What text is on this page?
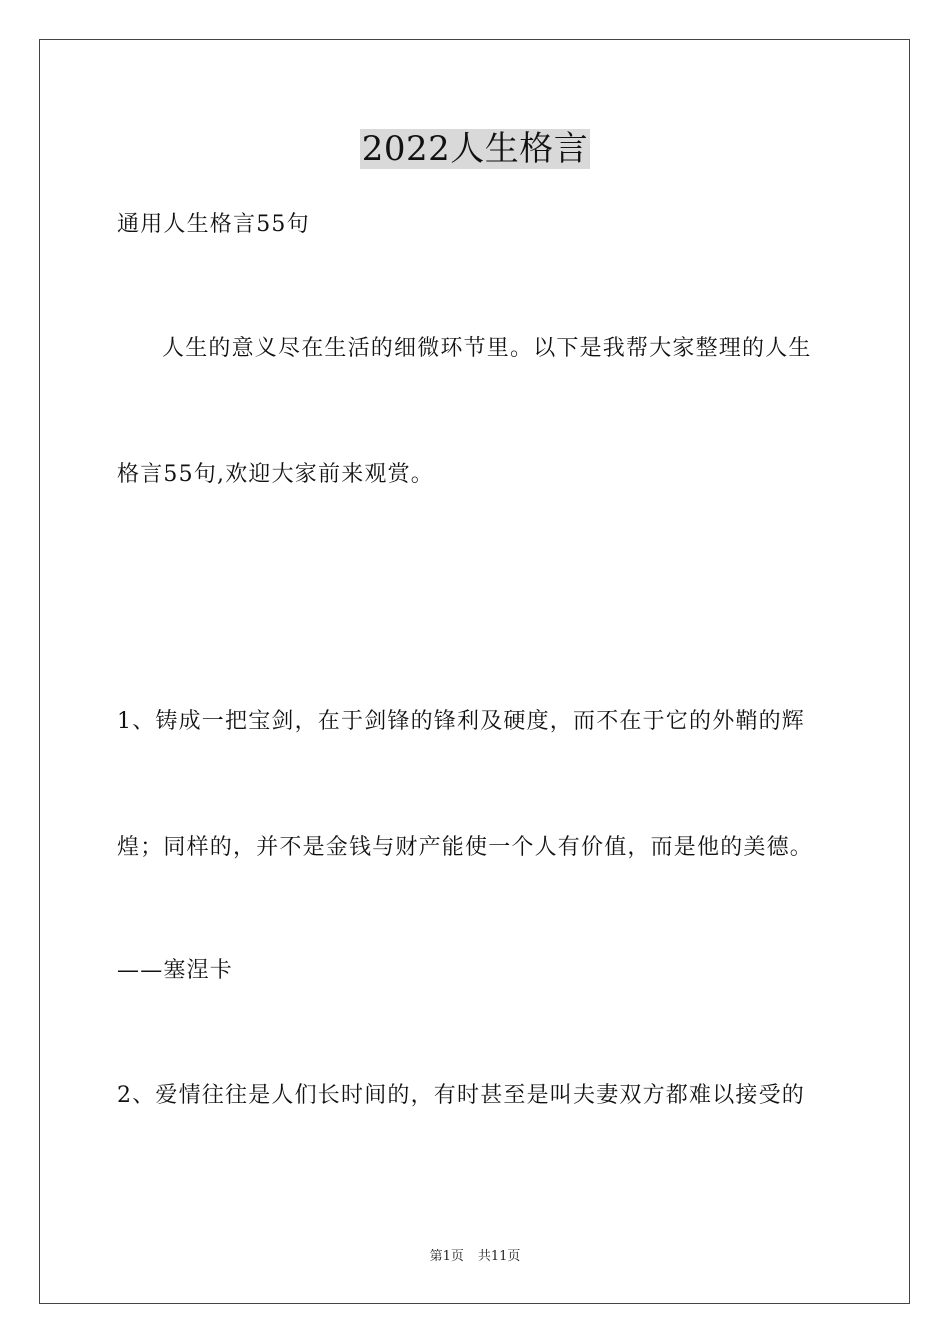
2022人生格言
通用人生格言55句
人生的意义尽在生活的细微环节里。以下是我帮大家整理的人生
格言55句,欢迎大家前来观赏。
1、铸成一把宝剑，在于剑锋的锋利及硬度，而不在于它的外鞘的辉
煌；同样的，并不是金钱与财产能使一个人有价值，而是他的美德。
——塞涅卡
2、爱情往往是人们长时间的，有时甚至是叫夫妻双方都难以接受的
第1页 共11页
